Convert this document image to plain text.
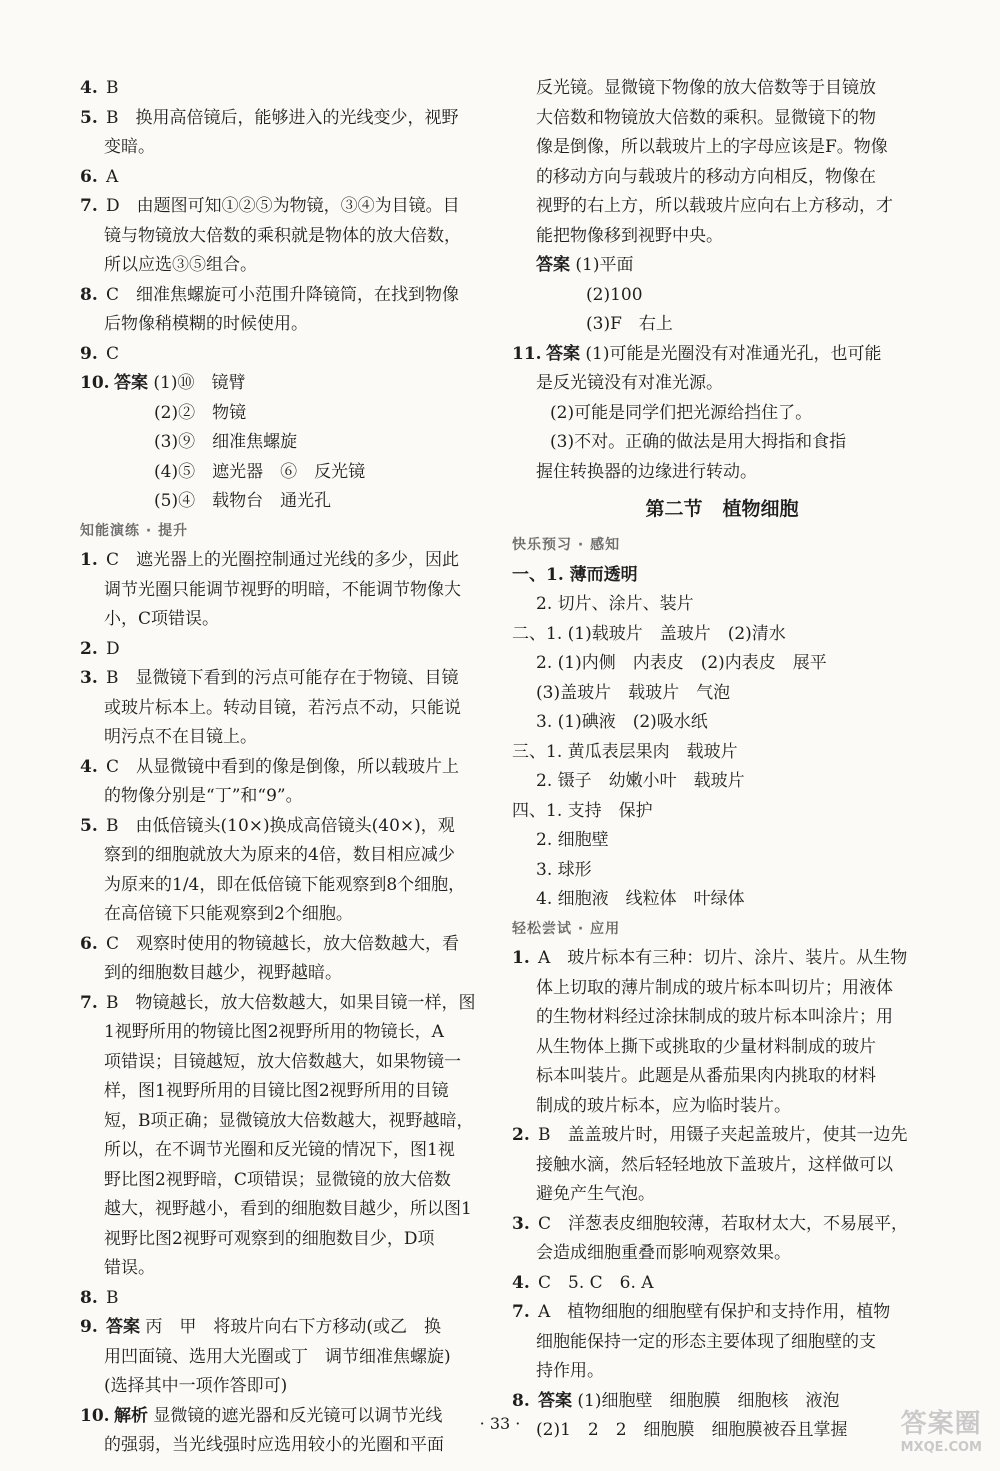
4. B
5. B　换用高倍镜后，能够进入的光线变少，视野
变暗。
6. A
7. D　由题图可知①②⑤为物镜，③④为目镜。目
镜与物镜放大倍数的乘积就是物体的放大倍数，
所以应选③⑤组合。
8. C　细准焦螺旋可小范围升降镜筒，在找到物像
后物像稍模糊的时候使用。
9. C
10. 答案 (1)⑩　镜臂
(2)②　物镜
(3)⑨　细准焦螺旋
(4)⑤　遮光器　⑥　反光镜
(5)④　载物台　通光孔
知能演练 · 提升
1. C　遮光器上的光圈控制通过光线的多少，因此
调节光圈只能调节视野的明暗，不能调节物像大
小，C项错误。
2. D
3. B　显微镜下看到的污点可能存在于物镜、目镜
或玻片标本上。转动目镜，若污点不动，只能说
明污点不在目镜上。
4. C　从显微镜中看到的像是倒像，所以载玻片上
的物像分别是“丁”和“9”。
5. B　由低倍镜头(10×)换成高倍镜头(40×)，观
察到的细胞就放大为原来的4倍，数目相应减少
为原来的1/4，即在低倍镜下能观察到8个细胞，
在高倍镜下只能观察到2个细胞。
6. C　观察时使用的物镜越长，放大倍数越大，看
到的细胞数目越少，视野越暗。
7. B　物镜越长，放大倍数越大，如果目镜一样，图
1视野所用的物镜比图2视野所用的物镜长，A
项错误；目镜越短，放大倍数越大，如果物镜一
样，图1视野所用的目镜比图2视野所用的目镜
短，B项正确；显微镜放大倍数越大，视野越暗，
所以，在不调节光圈和反光镜的情况下，图1视
野比图2视野暗，C项错误；显微镜的放大倍数
越大，视野越小，看到的细胞数目越少，所以图1
视野比图2视野可观察到的细胞数目少，D项
错误。
8. B
9. 答案 丙　甲　将玻片向右下方移动(或乙　换
用凹面镜、选用大光圈或丁　调节细准焦螺旋)
(选择其中一项作答即可)
10. 解析 显微镜的遮光器和反光镜可以调节光线
的强弱，当光线强时应选用较小的光圈和平面
反光镜。显微镜下物像的放大倍数等于目镜放
大倍数和物镜放大倍数的乘积。显微镜下的物
像是倒像，所以载玻片上的字母应该是F。物像
的移动方向与载玻片的移动方向相反，物像在
视野的右上方，所以载玻片应向右上方移动，才
能把物像移到视野中央。
答案 (1)平面
(2)100
(3)F　右上
11. 答案 (1)可能是光圈没有对准通光孔，也可能
是反光镜没有对准光源。
(2)可能是同学们把光源给挡住了。
(3)不对。正确的做法是用大拇指和食指
握住转换器的边缘进行转动。
第二节 植物细胞
快乐预习 · 感知
一、1. 薄而透明
2. 切片、涂片、装片
二、1. (1)载玻片　盖玻片　(2)清水
2. (1)内侧　内表皮　(2)内表皮　展平
(3)盖玻片　载玻片　气泡
3. (1)碘液　(2)吸水纸
三、1. 黄瓜表层果肉　载玻片
2. 镊子　幼嫩小叶　载玻片
四、1. 支持　保护
2. 细胞壁
3. 球形
4. 细胞液　线粒体　叶绿体
轻松尝试 · 应用
1. A　玻片标本有三种：切片、涂片、装片。从生物
体上切取的薄片制成的玻片标本叫切片；用液体
的生物材料经过涂抹制成的玻片标本叫涂片；用
从生物体上撕下或挑取的少量材料制成的玻片
标本叫装片。此题是从番茄果肉内挑取的材料
制成的玻片标本，应为临时装片。
2. B　盖盖玻片时，用镊子夹起盖玻片，使其一边先
接触水滴，然后轻轻地放下盖玻片，这样做可以
避免产生气泡。
3. C　洋葱表皮细胞较薄，若取材太大，不易展平，
会造成细胞重叠而影响观察效果。
4. C　5. C　6. A
7. A　植物细胞的细胞壁有保护和支持作用，植物
细胞能保持一定的形态主要体现了细胞壁的支
持作用。
8. 答案 (1)细胞壁　细胞膜　细胞核　液泡
(2)1　2　2　细胞膜　细胞膜被吞且掌握
· 33 ·	答案圈
MXQE.COM
